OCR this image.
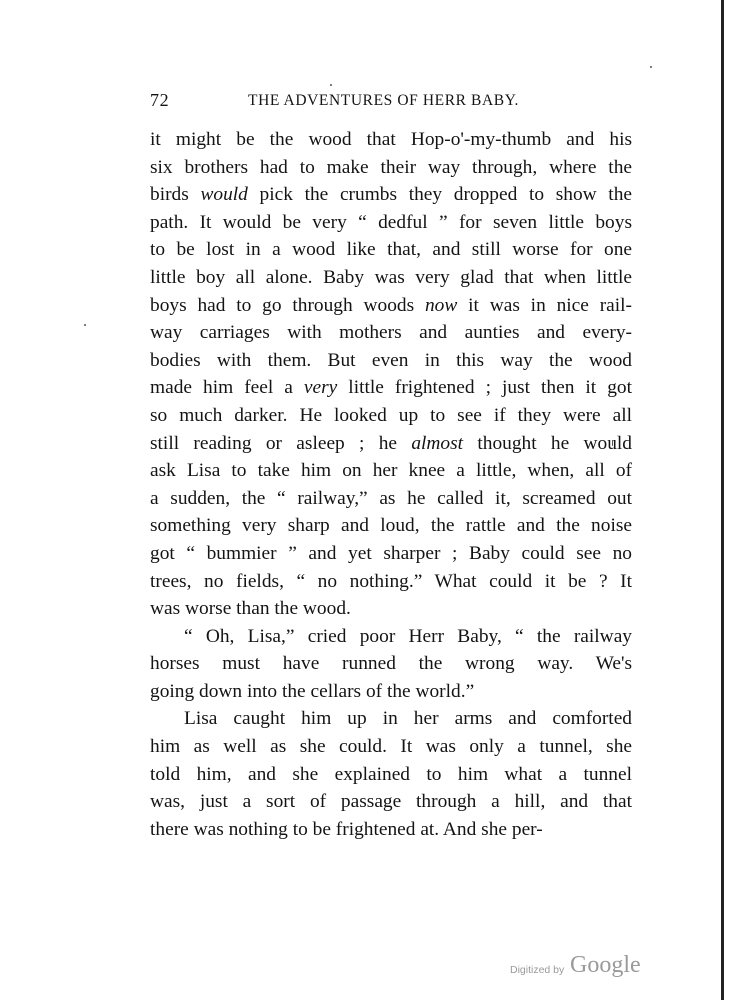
72	THE ADVENTURES OF HERR BABY.
it might be the wood that Hop-o'-my-thumb and his
six brothers had to make their way through, where the
birds would pick the crumbs they dropped to show the
path. It would be very “ dedful ” for seven little boys
to be lost in a wood like that, and still worse for one
little boy all alone. Baby was very glad that when little
boys had to go through woods now it was in nice rail-
way carriages with mothers and aunties and every-
bodies with them. But even in this way the wood
made him feel a very little frightened ; just then it got
so much darker. He looked up to see if they were all
still reading or asleep ; he almost thought he would
ask Lisa to take him on her knee a little, when, all of
a sudden, the “ railway,” as he called it, screamed out
something very sharp and loud, the rattle and the noise
got “ bummier ” and yet sharper ; Baby could see no
trees, no fields, “ no nothing.” What could it be ? It
was worse than the wood.
“ Oh, Lisa,” cried poor Herr Baby, “ the railway
horses must have runned the wrong way. We's
going down into the cellars of the world.”
Lisa caught him up in her arms and comforted
him as well as she could. It was only a tunnel, she
told him, and she explained to him what a tunnel
was, just a sort of passage through a hill, and that
there was nothing to be frightened at. And she per-
Digitized by Google
